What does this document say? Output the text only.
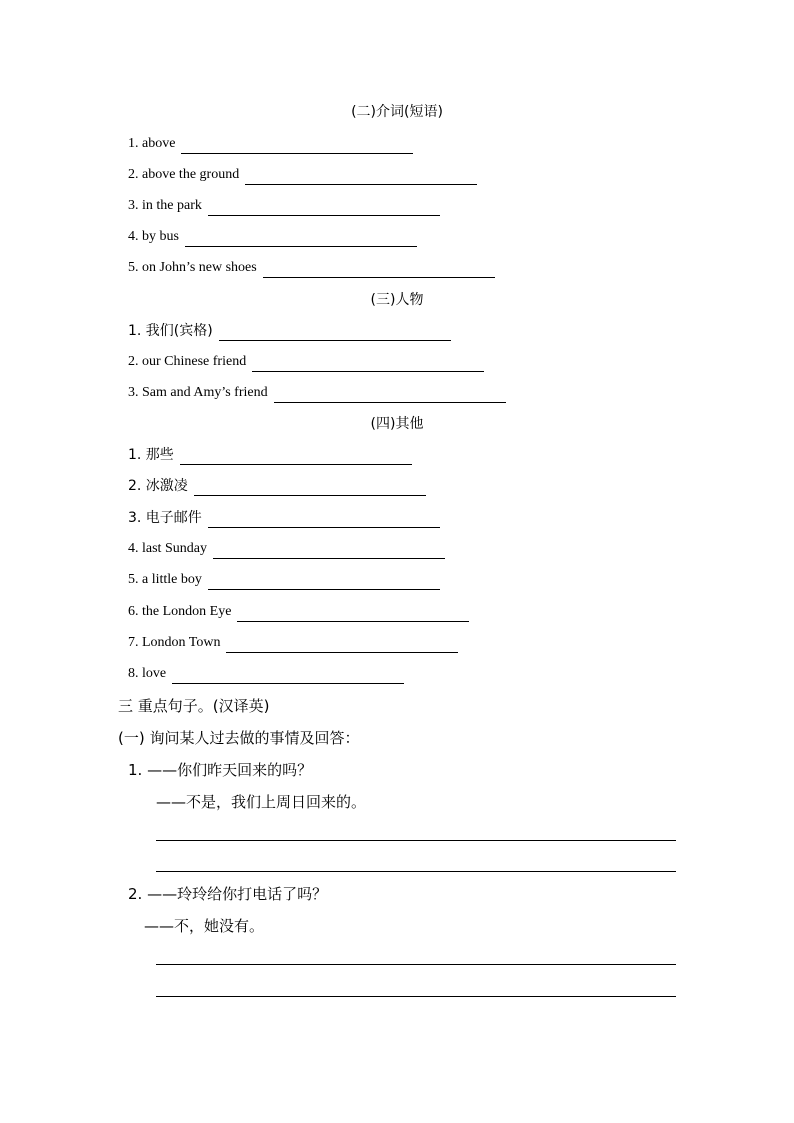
(二)介词(短语)
1. above
2. above the ground
3. in the park
4. by bus
5. on John’s new shoes
(三)人物
1. 我们(宾格)
2. our Chinese friend
3. Sam and Amy’s friend
(四)其他
1. 那些
2. 冰激凌
3. 电子邮件
4. last Sunday
5. a little boy
6. the London Eye
7. London Town
8. love
三 重点句子。(汉译英)
(一) 询问某人过去做的事情及回答：
1. ——你们昨天回来的吗？
——不是，我们上周日回来的。
2. ——玲玲给你打电话了吗？
——不，她没有。
